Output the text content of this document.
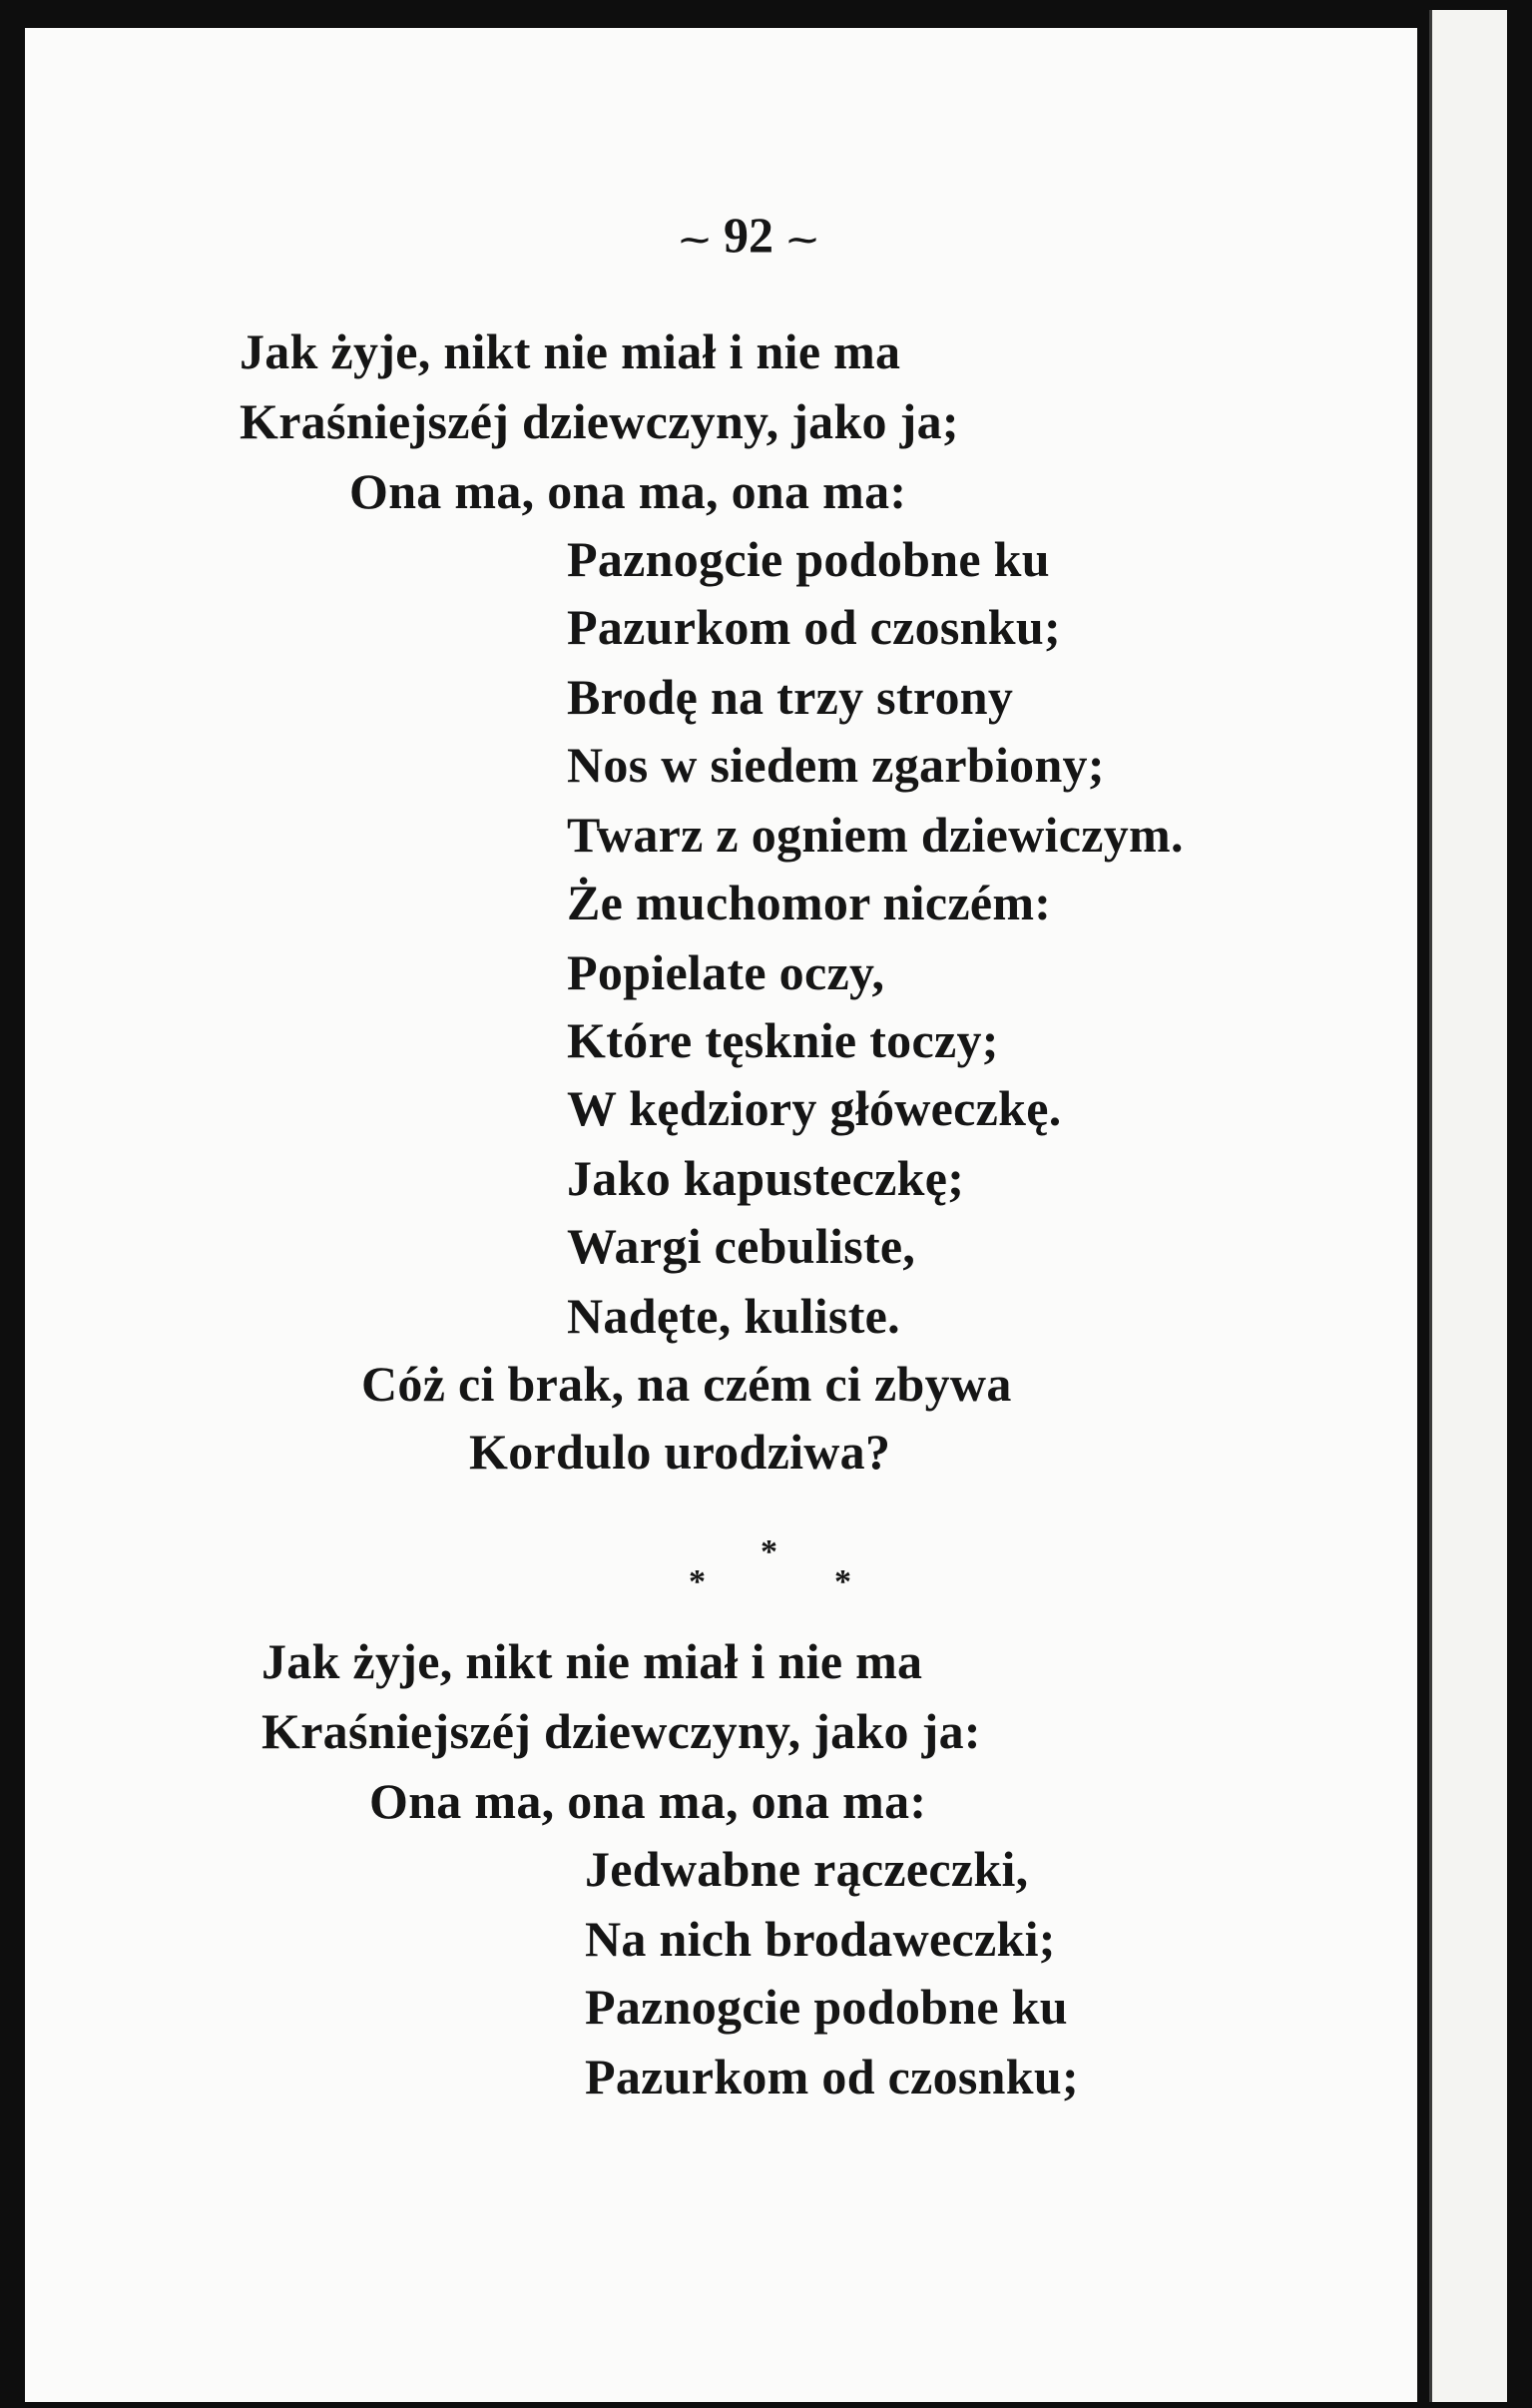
⁓ 92 ⁓
Jak żyje, nikt nie miał i nie ma
Kraśniejszéj dziewczyny, jako ja;
Ona ma, ona ma, ona ma:
Paznogcie podobne ku
Pazurkom od czosnku;
Brodę na trzy strony
Nos w siedem zgarbiony;
Twarz z ogniem dziewiczym.
Że muchomor niczém:
Popielate oczy,
Które tęsknie toczy;
W kędziory główeczkę.
Jako kapusteczkę;
Wargi cebuliste,
Nadęte, kuliste.
Cóż ci brak, na czém ci zbywa
Kordulo urodziwa?
*
*	*
Jak żyje, nikt nie miał i nie ma
Kraśniejszéj dziewczyny, jako ja:
Ona ma, ona ma, ona ma:
Jedwabne rączeczki,
Na nich brodaweczki;
Paznogcie podobne ku
Pazurkom od czosnku;
